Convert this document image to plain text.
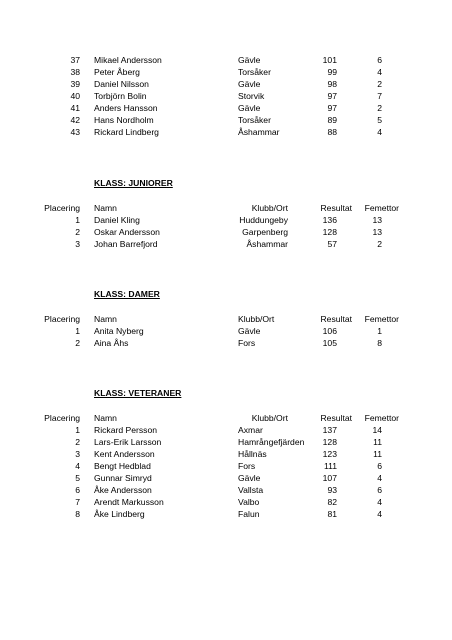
37 Mikael Andersson	Gävle	101	6
38 Peter Åberg	Torsåker	99	4
39 Daniel Nilsson	Gävle	98	2
40 Torbjörn Bolin	Storvik	97	7
41 Anders Hansson	Gävle	97	2
42 Hans Nordholm	Torsåker	89	5
43 Rickard Lindberg	Åshammar	88	4
KLASS: JUNIORER
Placering Namn	Klubb/Ort	Resultat Femettor
1 Daniel Kling	Huddungeby	136	13
2 Oskar Andersson	Garpenberg	128	13
3 Johan Barrefjord	Åshammar	57	2
KLASS: DAMER
Placering Namn	Klubb/Ort	Resultat Femettor
1 Anita Nyberg	Gävle	106	1
2 Aina Åhs	Fors	105	8
KLASS: VETERANER
Placering Namn	Klubb/Ort	Resultat Femettor
1 Rickard Persson	Axmar	137	14
2 Lars-Erik Larsson	Hamrångefjärden 128	11
3 Kent Andersson	Hållnäs	123	11
4 Bengt Hedblad	Fors	111	6
5 Gunnar Simryd	Gävle	107	4
6 Åke Andersson	Vallsta	93	6
7 Arendt Markusson	Valbo	82	4
8 Åke Lindberg	Falun	81	4
